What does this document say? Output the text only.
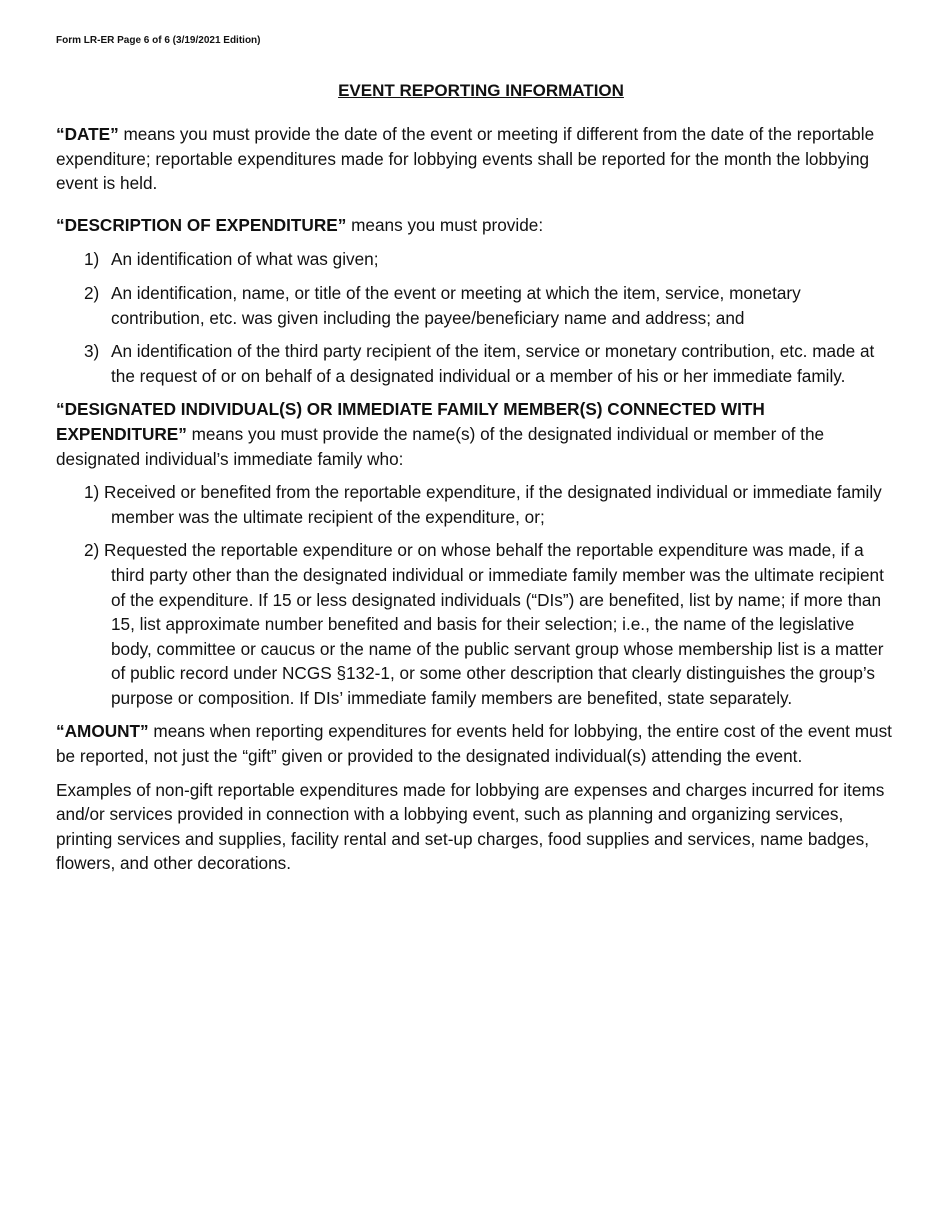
Form LR-ER Page 6 of 6 (3/19/2021 Edition)

EVENT REPORTING INFORMATION

“DATE” means you must provide the date of the event or meeting if different from the date of the reportable expenditure; reportable expenditures made for lobbying events shall be reported for the month the lobbying event is held.

“DESCRIPTION OF EXPENDITURE” means you must provide:

1) An identification of what was given;
2) An identification, name, or title of the event or meeting at which the item, service, monetary contribution, etc. was given including the payee/beneficiary name and address; and
3) An identification of the third party recipient of the item, service or monetary contribution, etc. made at the request of or on behalf of a designated individual or a member of his or her immediate family.

“DESIGNATED INDIVIDUAL(S) OR IMMEDIATE FAMILY MEMBER(S) CONNECTED WITH EXPENDITURE” means you must provide the name(s) of the designated individual or member of the designated individual’s immediate family who:

1) Received or benefited from the reportable expenditure, if the designated individual or immediate family member was the ultimate recipient of the expenditure, or;
2) Requested the reportable expenditure or on whose behalf the reportable expenditure was made, if a third party other than the designated individual or immediate family member was the ultimate recipient of the expenditure. If 15 or less designated individuals (“DIs”) are benefited, list by name; if more than 15, list approximate number benefited and basis for their selection; i.e., the name of the legislative body, committee or caucus or the name of the public servant group whose membership list is a matter of public record under NCGS §132-1, or some other description that clearly distinguishes the group’s purpose or composition. If DIs’ immediate family members are benefited, state separately.

“AMOUNT” means when reporting expenditures for events held for lobbying, the entire cost of the event must be reported, not just the “gift” given or provided to the designated individual(s) attending the event.

Examples of non-gift reportable expenditures made for lobbying are expenses and charges incurred for items and/or services provided in connection with a lobbying event, such as planning and organizing services, printing services and supplies, facility rental and set-up charges, food supplies and services, name badges, flowers, and other decorations.
